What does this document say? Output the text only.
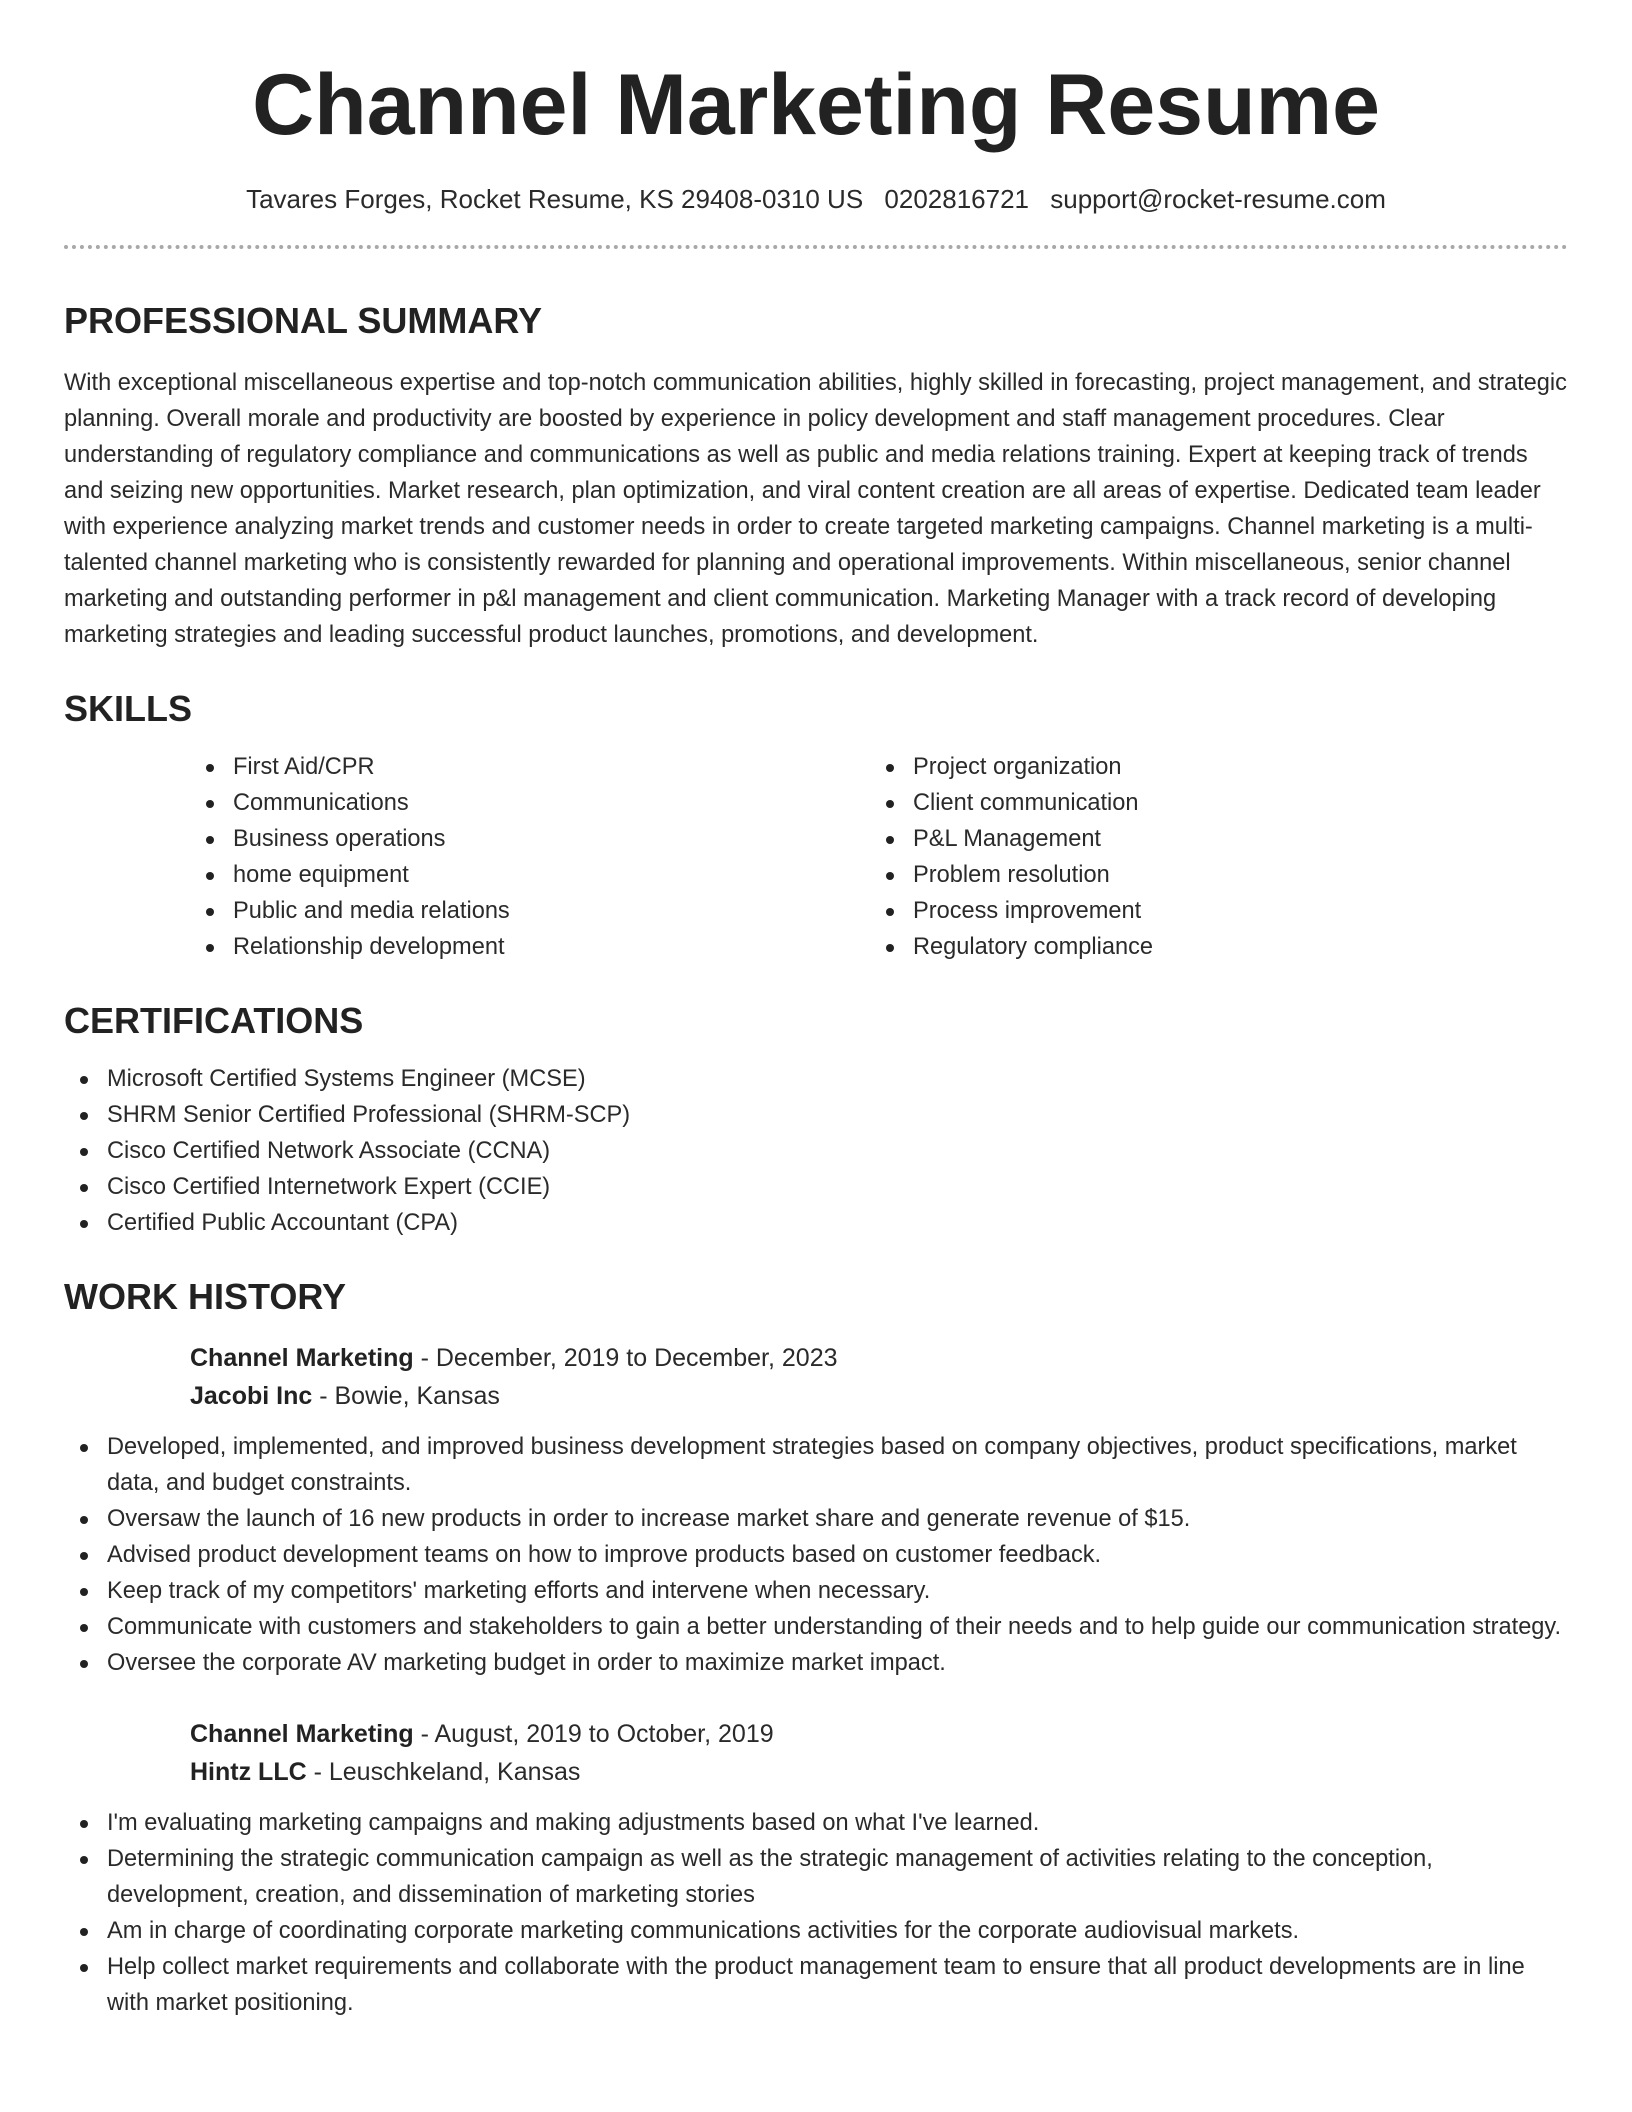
Channel Marketing Resume
Tavares Forges, Rocket Resume, KS 29408-0310 US 0202816721 support@rocket-resume.com
PROFESSIONAL SUMMARY

With exceptional miscellaneous expertise and top-notch communication abilities, highly skilled in forecasting, project management, and strategic planning. Overall morale and productivity are boosted by experience in policy development and staff management procedures. Clear understanding of regulatory compliance and communications as well as public and media relations training. Expert at keeping track of trends and seizing new opportunities. Market research, plan optimization, and viral content creation are all areas of expertise. Dedicated team leader with experience analyzing market trends and customer needs in order to create targeted marketing campaigns. Channel marketing is a multi-talented channel marketing who is consistently rewarded for planning and operational improvements. Within miscellaneous, senior channel marketing and outstanding performer in p&l management and client communication. Marketing Manager with a track record of developing marketing strategies and leading successful product launches, promotions, and development.

SKILLS
First Aid/CPR
Communications
Business operations
home equipment
Public and media relations
Relationship development
Project organization
Client communication
P&L Management
Problem resolution
Process improvement
Regulatory compliance
CERTIFICATIONS
Microsoft Certified Systems Engineer (MCSE)
SHRM Senior Certified Professional (SHRM-SCP)
Cisco Certified Network Associate (CCNA)
Cisco Certified Internetwork Expert (CCIE)
Certified Public Accountant (CPA)
WORK HISTORY
Channel Marketing - December, 2019 to December, 2023
Jacobi Inc - Bowie, Kansas
Developed, implemented, and improved business development strategies based on company objectives, product specifications, market data, and budget constraints.
Oversaw the launch of 16 new products in order to increase market share and generate revenue of $15.
Advised product development teams on how to improve products based on customer feedback.
Keep track of my competitors' marketing efforts and intervene when necessary.
Communicate with customers and stakeholders to gain a better understanding of their needs and to help guide our communication strategy.
Oversee the corporate AV marketing budget in order to maximize market impact.
Channel Marketing - August, 2019 to October, 2019
Hintz LLC - Leuschkeland, Kansas
I'm evaluating marketing campaigns and making adjustments based on what I've learned.
Determining the strategic communication campaign as well as the strategic management of activities relating to the conception, development, creation, and dissemination of marketing stories
Am in charge of coordinating corporate marketing communications activities for the corporate audiovisual markets.
Help collect market requirements and collaborate with the product management team to ensure that all product developments are in line with market positioning.
